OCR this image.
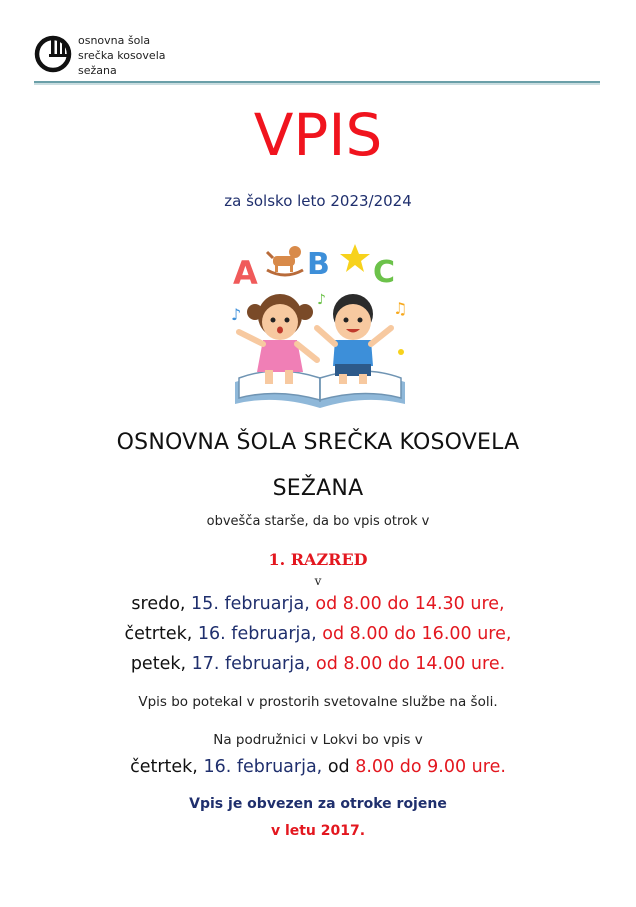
osnovna šola
srečka kosovela
sežana
VPIS
za šolsko leto 2023/2024
A B C
♪
♪	♫
OSNOVNA ŠOLA SREČKA KOSOVELA
SEŽANA
obvešča starše, da bo vpis otrok v
1. RAZRED
v
sredo, 15. februarja, od 8.00 do 14.30 ure,
četrtek, 16. februarja, od 8.00 do 16.00 ure,
petek, 17. februarja, od 8.00 do 14.00 ure.
Vpis bo potekal v prostorih svetovalne službe na šoli.
Na podružnici v Lokvi bo vpis v
četrtek, 16. februarja, od 8.00 do 9.00 ure.
Vpis je obvezen za otroke rojene
v letu 2017.
